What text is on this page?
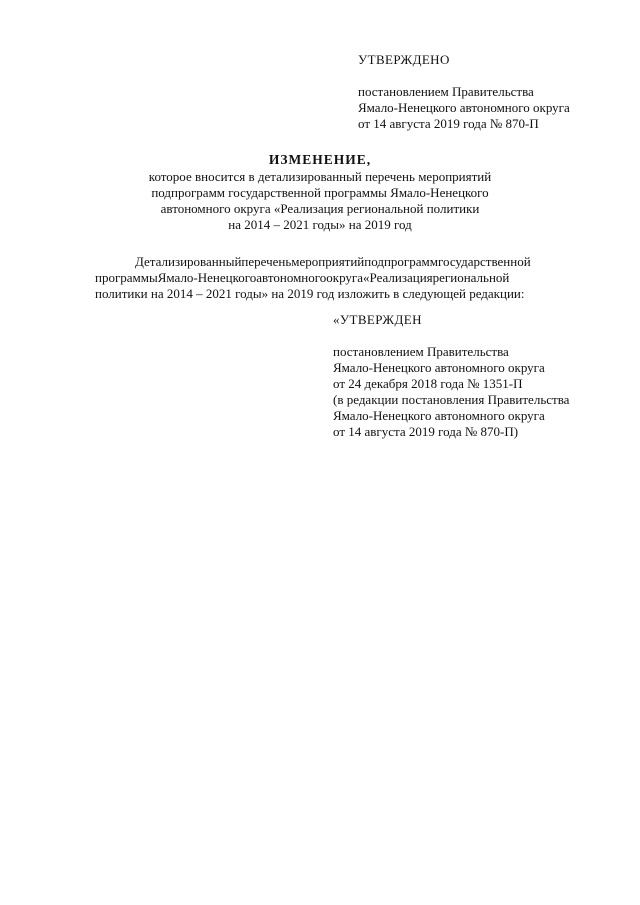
УТВЕРЖДЕНО
постановлением Правительства
Ямало-Ненецкого автономного округа
от 14 августа 2019 года № 870-П
ИЗМЕНЕНИЕ,
которое вносится в детализированный перечень мероприятий
подпрограмм государственной программы Ямало-Ненецкого
автономного округа «Реализация региональной политики
на 2014 – 2021 годы» на 2019 год
Детализированныйпереченьмероприятийподпрограммгосударственной
программыЯмало-Ненецкогоавтономногоокруга«Реализациярегиональной
политики на 2014 – 2021 годы» на 2019 год изложить в следующей редакции:
«УТВЕРЖДЕН
постановлением Правительства
Ямало-Ненецкого автономного округа
от 24 декабря 2018 года № 1351-П
(в редакции постановления Правительства
Ямало-Ненецкого автономного округа
от 14 августа 2019 года № 870-П)
